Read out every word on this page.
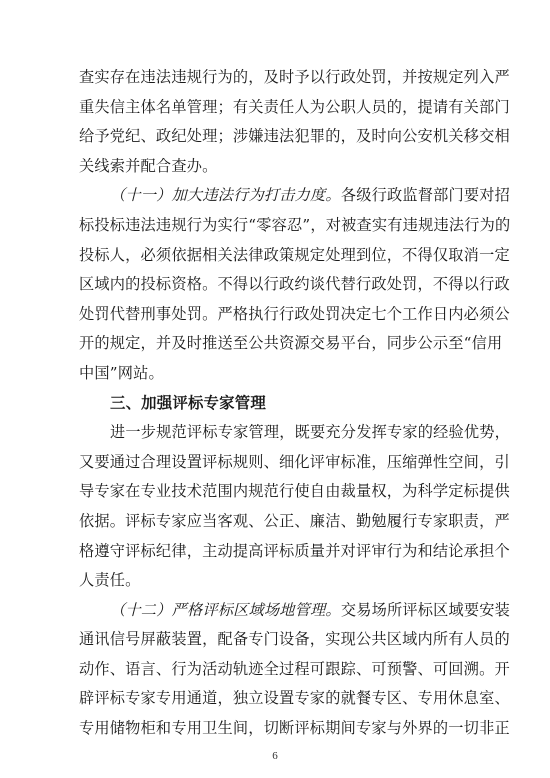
查实存在违法违规行为的，及时予以行政处罚，并按规定列入严
重失信主体名单管理；有关责任人为公职人员的，提请有关部门
给予党纪、政纪处理；涉嫌违法犯罪的，及时向公安机关移交相
关线索并配合查办。
（十一）加大违法行为打击力度。各级行政监督部门要对招
标投标违法违规行为实行“零容忍”，对被查实有违规违法行为的
投标人，必须依据相关法律政策规定处理到位，不得仅取消一定
区域内的投标资格。不得以行政约谈代替行政处罚，不得以行政
处罚代替刑事处罚。严格执行行政处罚决定七个工作日内必须公
开的规定，并及时推送至公共资源交易平台，同步公示至“信用
中国”网站。
三、加强评标专家管理
进一步规范评标专家管理，既要充分发挥专家的经验优势，
又要通过合理设置评标规则、细化评审标准，压缩弹性空间，引
导专家在专业技术范围内规范行使自由裁量权，为科学定标提供
依据。评标专家应当客观、公正、廉洁、勤勉履行专家职责，严
格遵守评标纪律，主动提高评标质量并对评审行为和结论承担个
人责任。
（十二）严格评标区域场地管理。交易场所评标区域要安装
通讯信号屏蔽装置，配备专门设备，实现公共区域内所有人员的
动作、语言、行为活动轨迹全过程可跟踪、可预警、可回溯。开
辟评标专家专用通道，独立设置专家的就餐专区、专用休息室、
专用储物柜和专用卫生间，切断评标期间专家与外界的一切非正
6
